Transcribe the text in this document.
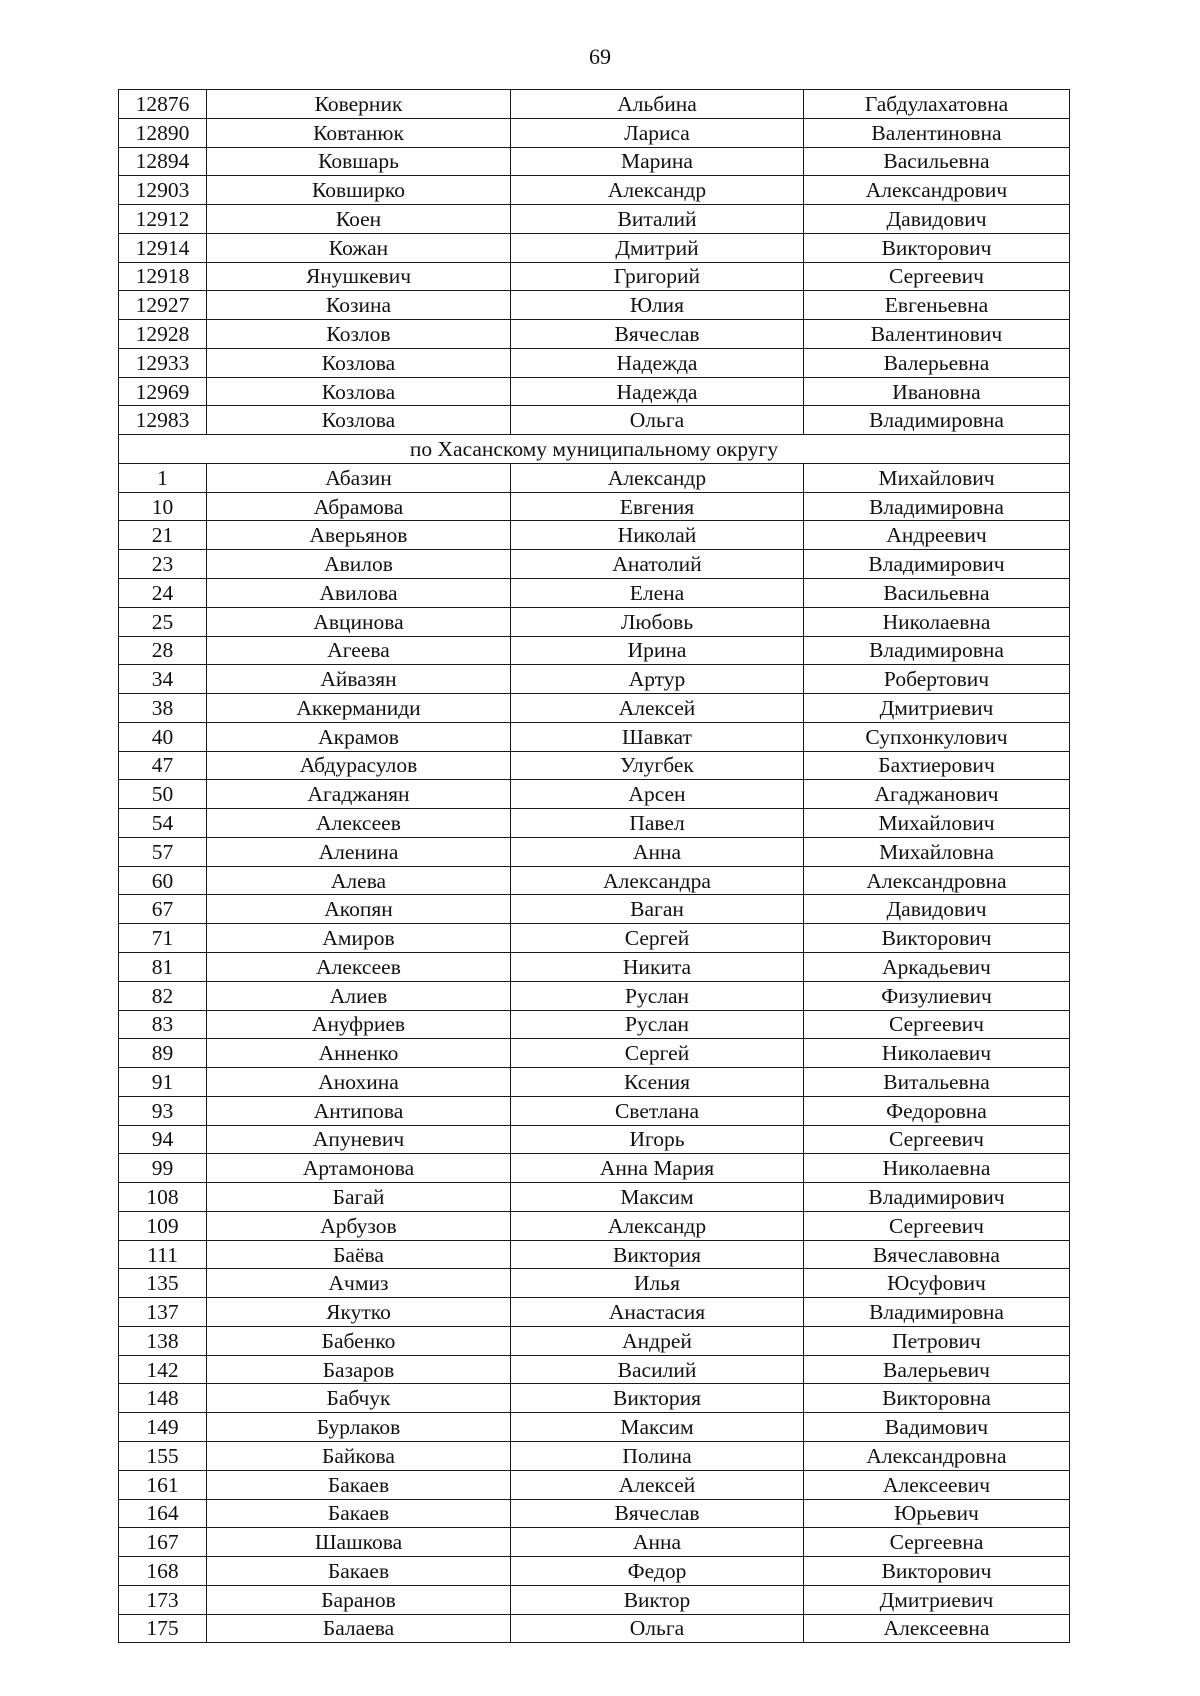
69
12876	Коверник	Альбина	Габдулахатовна
12890	Ковтанюк	Лариса	Валентиновна
12894	Ковшарь	Марина	Васильевна
12903	Ковширко	Александр	Александрович
12912	Коен	Виталий	Давидович
12914	Кожан	Дмитрий	Викторович
12918	Янушкевич	Григорий	Сергеевич
12927	Козина	Юлия	Евгеньевна
12928	Козлов	Вячеслав	Валентинович
12933	Козлова	Надежда	Валерьевна
12969	Козлова	Надежда	Ивановна
12983	Козлова	Ольга	Владимировна
по Хасанскому муниципальному округу			
1	Абазин	Александр	Михайлович
10	Абрамова	Евгения	Владимировна
21	Аверьянов	Николай	Андреевич
23	Авилов	Анатолий	Владимирович
24	Авилова	Елена	Васильевна
25	Авцинова	Любовь	Николаевна
28	Агеева	Ирина	Владимировна
34	Айвазян	Артур	Робертович
38	Аккерманиди	Алексей	Дмитриевич
40	Акрамов	Шавкат	Супхонкулович
47	Абдурасулов	Улугбек	Бахтиерович
50	Агаджанян	Арсен	Агаджанович
54	Алексеев	Павел	Михайлович
57	Аленина	Анна	Михайловна
60	Алева	Александра	Александровна
67	Акопян	Ваган	Давидович
71	Амиров	Сергей	Викторович
81	Алексеев	Никита	Аркадьевич
82	Алиев	Руслан	Физулиевич
83	Ануфриев	Руслан	Сергеевич
89	Анненко	Сергей	Николаевич
91	Анохина	Ксения	Витальевна
93	Антипова	Светлана	Федоровна
94	Апуневич	Игорь	Сергеевич
99	Артамонова	Анна Мария	Николаевна
108	Багай	Максим	Владимирович
109	Арбузов	Александр	Сергеевич
111	Баёва	Виктория	Вячеславовна
135	Ачмиз	Илья	Юсуфович
137	Якутко	Анастасия	Владимировна
138	Бабенко	Андрей	Петрович
142	Базаров	Василий	Валерьевич
148	Бабчук	Виктория	Викторовна
149	Бурлаков	Максим	Вадимович
155	Байкова	Полина	Александровна
161	Бакаев	Алексей	Алексеевич
164	Бакаев	Вячеслав	Юрьевич
167	Шашкова	Анна	Сергеевна
168	Бакаев	Федор	Викторович
173	Баранов	Виктор	Дмитриевич
175	Балаева	Ольга	Алексеевна
